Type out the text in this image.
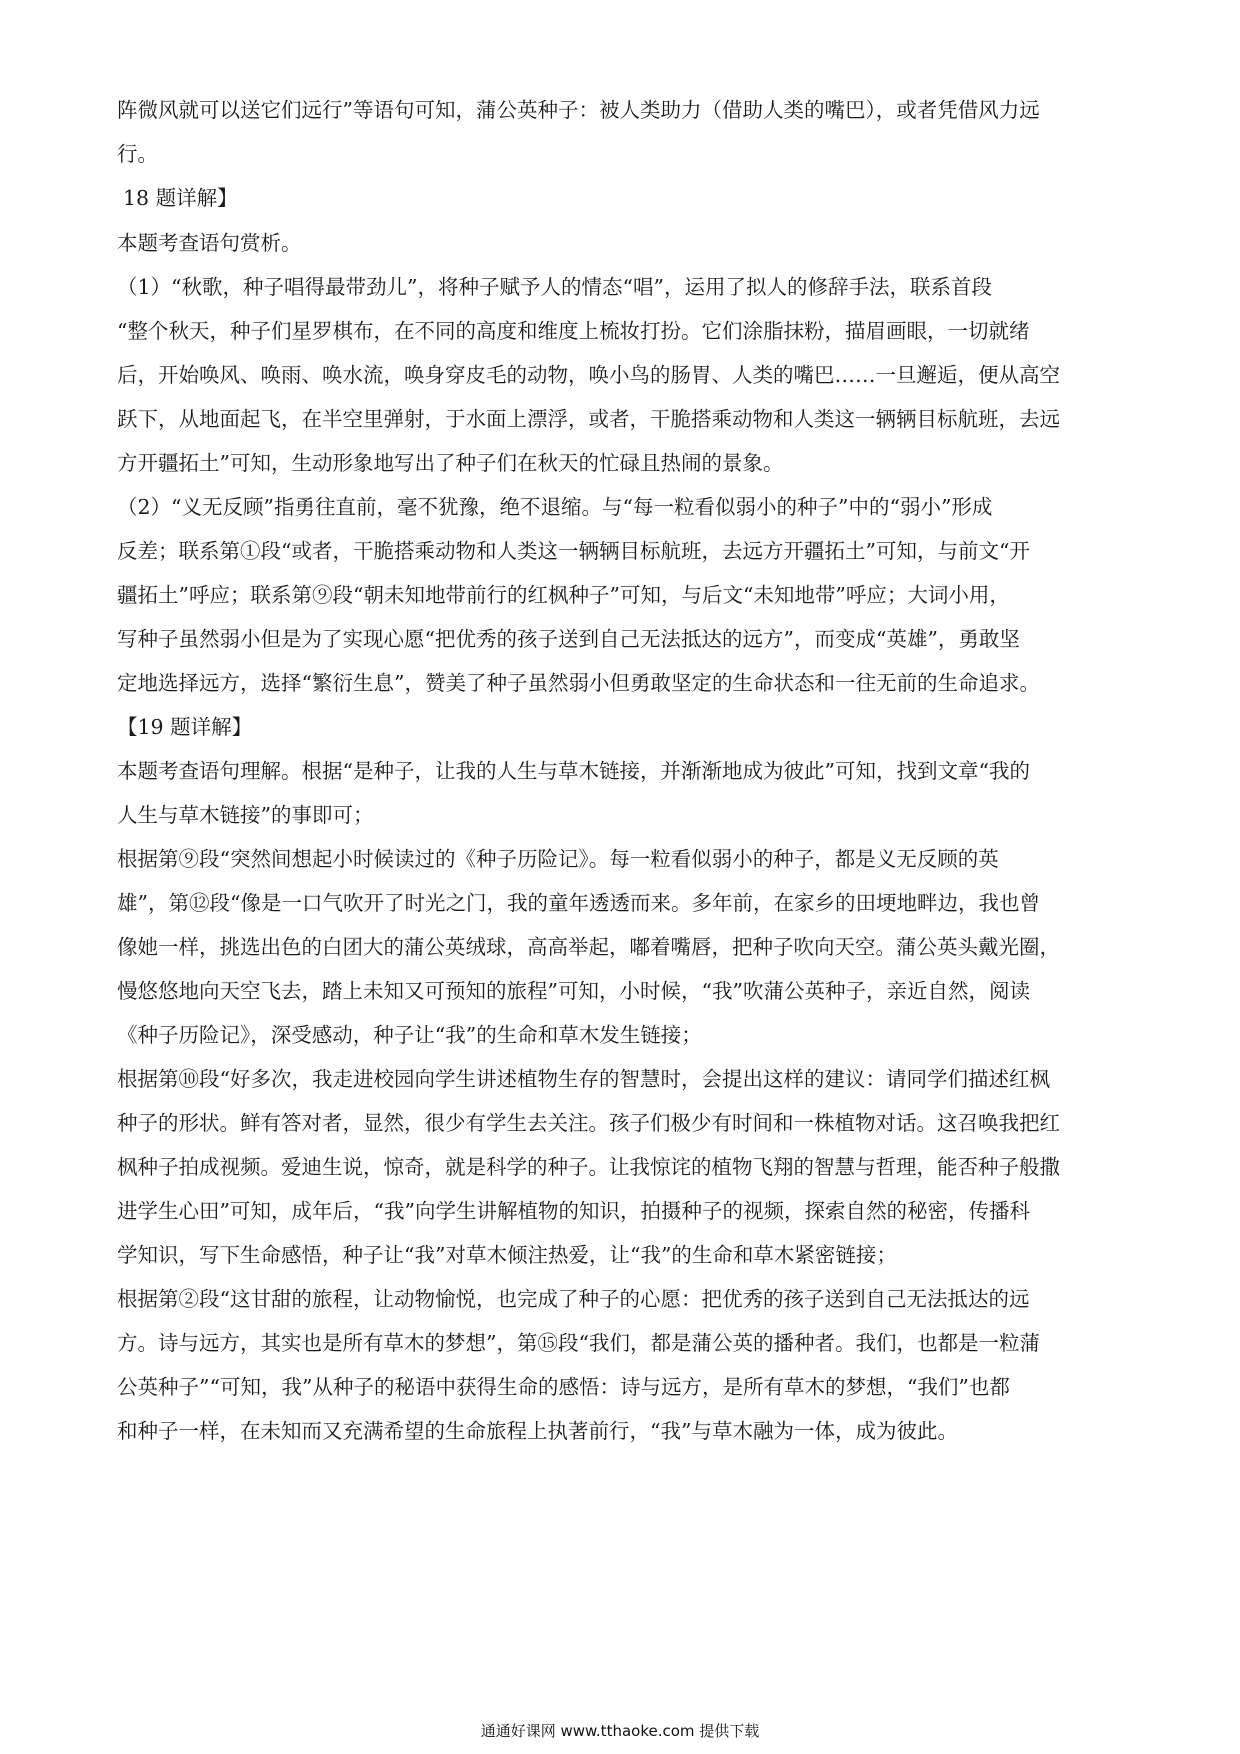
阵微风就可以送它们远行”等语句可知，蒲公英种子：被人类助力（借助人类的嘴巴），或者凭借风力远
行。
18 题详解】
本题考查语句赏析。
（1）“秋歌，种子唱得最带劲儿”，将种子赋予人的情态“唱”，运用了拟人的修辞手法，联系首段
“整个秋天，种子们星罗棋布，在不同的高度和维度上梳妆打扮。它们涂脂抹粉，描眉画眼，一切就绪
后，开始唤风、唤雨、唤水流，唤身穿皮毛的动物，唤小鸟的肠胃、人类的嘴巴……一旦邂逅，便从高空
跃下，从地面起飞，在半空里弹射，于水面上漂浮，或者，干脆搭乘动物和人类这一辆辆目标航班，去远
方开疆拓土”可知，生动形象地写出了种子们在秋天的忙碌且热闹的景象。
（2）“义无反顾”指勇往直前，毫不犹豫，绝不退缩。与“每一粒看似弱小的种子”中的“弱小”形成
反差；联系第①段“或者，干脆搭乘动物和人类这一辆辆目标航班，去远方开疆拓土”可知，与前文“开
疆拓土”呼应；联系第⑨段“朝未知地带前行的红枫种子”可知，与后文“未知地带”呼应；大词小用，
写种子虽然弱小但是为了实现心愿“把优秀的孩子送到自己无法抵达的远方”，而变成“英雄”，勇敢坚
定地选择远方，选择“繁衍生息”，赞美了种子虽然弱小但勇敢坚定的生命状态和一往无前的生命追求。
【19 题详解】
本题考查语句理解。根据“是种子，让我的人生与草木链接，并渐渐地成为彼此”可知，找到文章“我的
人生与草木链接”的事即可；
根据第⑨段“突然间想起小时候读过的《种子历险记》。每一粒看似弱小的种子，都是义无反顾的英
雄”，第⑫段“像是一口气吹开了时光之门，我的童年透透而来。多年前，在家乡的田埂地畔边，我也曾
像她一样，挑选出色的白团大的蒲公英绒球，高高举起，嘟着嘴唇，把种子吹向天空。蒲公英头戴光圈，
慢悠悠地向天空飞去，踏上未知又可预知的旅程”可知，小时候，“我”吹蒲公英种子，亲近自然，阅读
《种子历险记》，深受感动，种子让“我”的生命和草木发生链接；
根据第⑩段“好多次，我走进校园向学生讲述植物生存的智慧时，会提出这样的建议：请同学们描述红枫
种子的形状。鲜有答对者，显然，很少有学生去关注。孩子们极少有时间和一株植物对话。这召唤我把红
枫种子拍成视频。爱迪生说，惊奇，就是科学的种子。让我惊诧的植物飞翔的智慧与哲理，能否种子般撒
进学生心田”可知，成年后，“我”向学生讲解植物的知识，拍摄种子的视频，探索自然的秘密，传播科
学知识，写下生命感悟，种子让“我”对草木倾注热爱，让“我”的生命和草木紧密链接；
根据第②段“这甘甜的旅程，让动物愉悦，也完成了种子的心愿：把优秀的孩子送到自己无法抵达的远
方。诗与远方，其实也是所有草木的梦想”，第⑮段“我们，都是蒲公英的播种者。我们，也都是一粒蒲
公英种子”“可知，我”从种子的秘语中获得生命的感悟：诗与远方，是所有草木的梦想，“我们”也都
和种子一样，在未知而又充满希望的生命旅程上执著前行，“我”与草木融为一体，成为彼此。
通通好课网 www.tthaoke.com 提供下载
